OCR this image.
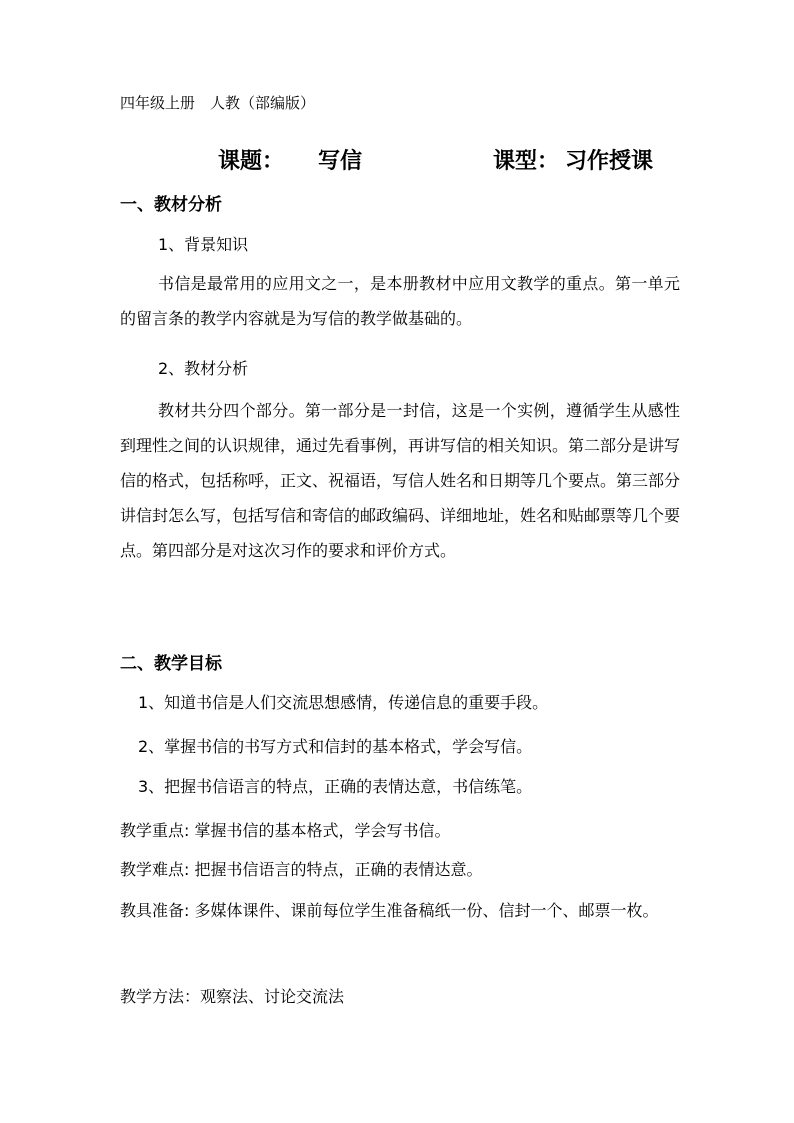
四年级上册　人教（部编版）
课题： 写信	课型： 习作授课
一、教材分析
1、背景知识
书信是最常用的应用文之一，是本册教材中应用文教学的重点。第一单元的留言条的教学内容就是为写信的教学做基础的。
2、教材分析
教材共分四个部分。第一部分是一封信，这是一个实例，遵循学生从感性到理性之间的认识规律，通过先看事例，再讲写信的相关知识。第二部分是讲写信的格式，包括称呼，正文、祝福语，写信人姓名和日期等几个要点。第三部分讲信封怎么写，包括写信和寄信的邮政编码、详细地址，姓名和贴邮票等几个要点。第四部分是对这次习作的要求和评价方式。
二、教学目标
1、知道书信是人们交流思想感情，传递信息的重要手段。
2、掌握书信的书写方式和信封的基本格式，学会写信。
3、把握书信语言的特点，正确的表情达意，书信练笔。
教学重点: 掌握书信的基本格式，学会写书信。
教学难点: 把握书信语言的特点，正确的表情达意。
教具准备: 多媒体课件、课前每位学生准备稿纸一份、信封一个、邮票一枚。
教学方法：观察法、讨论交流法
